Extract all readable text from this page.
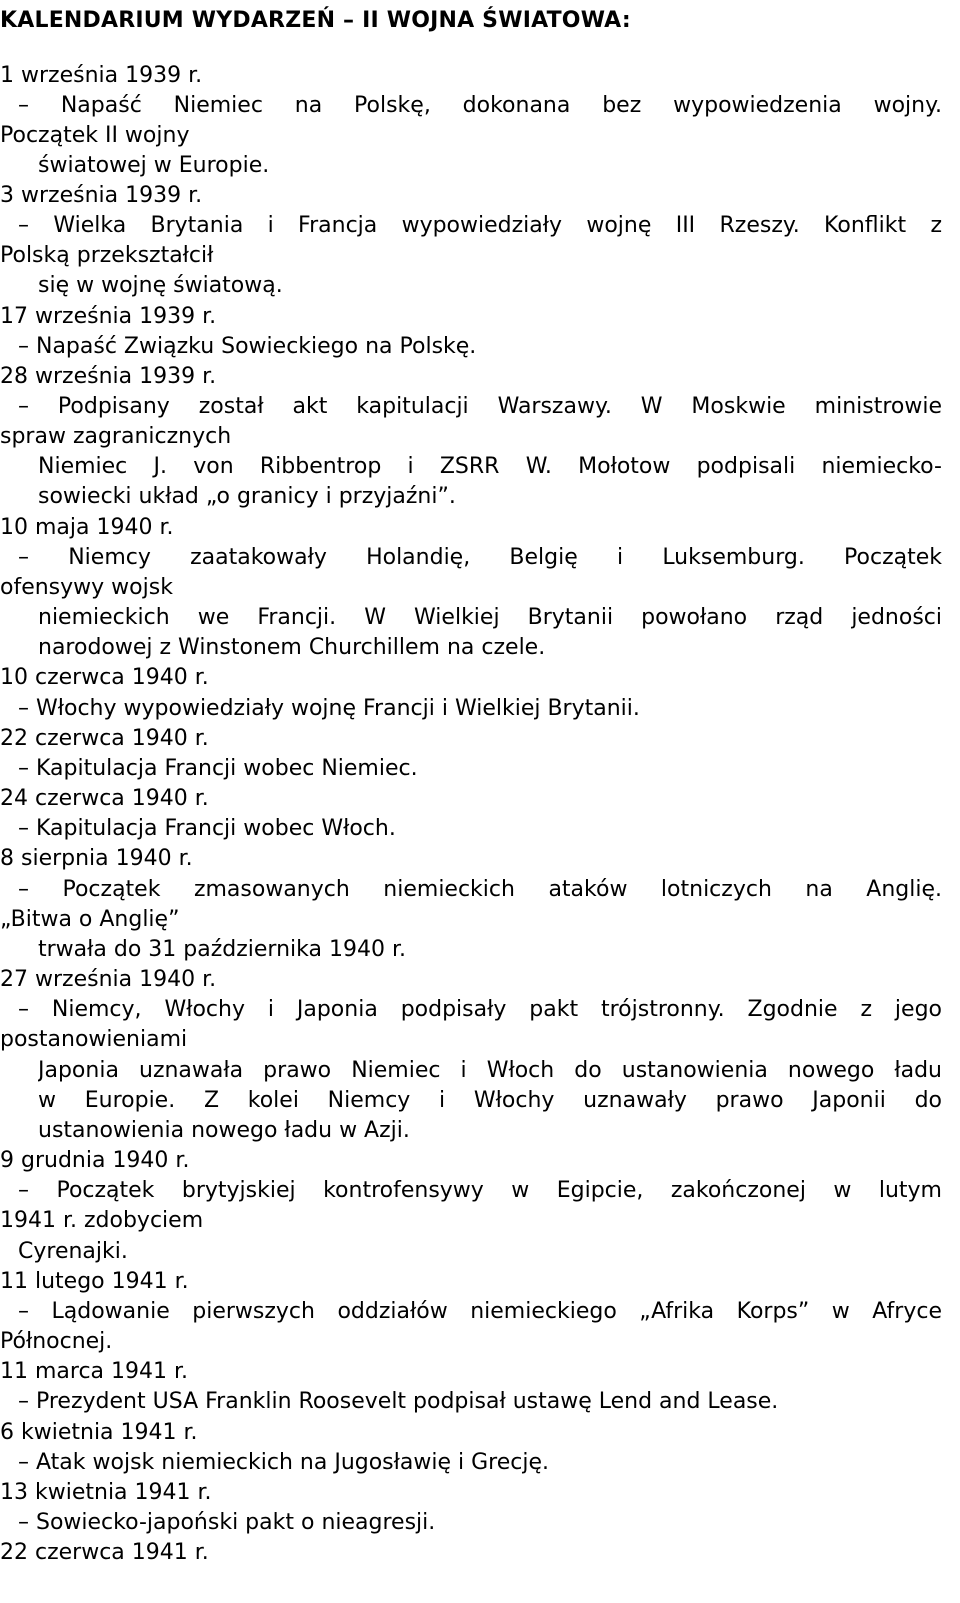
KALENDARIUM WYDARZEŃ – II WOJNA ŚWIATOWA:
1 września 1939 r.
– Napaść Niemiec na Polskę, dokonana bez wypowiedzenia wojny.
Początek II wojny
światowej w Europie.
3 września 1939 r.
– Wielka Brytania i Francja wypowiedziały wojnę III Rzeszy. Konflikt z
Polską przekształcił
się w wojnę światową.
17 września 1939 r.
– Napaść Związku Sowieckiego na Polskę.
28 września 1939 r.
– Podpisany został akt kapitulacji Warszawy. W Moskwie ministrowie
spraw zagranicznych
Niemiec J. von Ribbentrop i ZSRR W. Mołotow podpisali niemiecko-
sowiecki układ „o granicy i przyjaźni”.
10 maja 1940 r.
– Niemcy zaatakowały Holandię, Belgię i Luksemburg. Początek
ofensywy wojsk
niemieckich we Francji. W Wielkiej Brytanii powołano rząd jedności
narodowej z Winstonem Churchillem na czele.
10 czerwca 1940 r.
– Włochy wypowiedziały wojnę Francji i Wielkiej Brytanii.
22 czerwca 1940 r.
– Kapitulacja Francji wobec Niemiec.
24 czerwca 1940 r.
– Kapitulacja Francji wobec Włoch.
8 sierpnia 1940 r.
– Początek zmasowanych niemieckich ataków lotniczych na Anglię.
„Bitwa o Anglię”
trwała do 31 października 1940 r.
27 września 1940 r.
– Niemcy, Włochy i Japonia podpisały pakt trójstronny. Zgodnie z jego
postanowieniami
Japonia uznawała prawo Niemiec i Włoch do ustanowienia nowego ładu
w Europie. Z kolei Niemcy i Włochy uznawały prawo Japonii do
ustanowienia nowego ładu w Azji.
9 grudnia 1940 r.
– Początek brytyjskiej kontrofensywy w Egipcie, zakończonej w lutym
1941 r. zdobyciem
Cyrenajki.
11 lutego 1941 r.
– Lądowanie pierwszych oddziałów niemieckiego „Afrika Korps” w Afryce
Północnej.
11 marca 1941 r.
– Prezydent USA Franklin Roosevelt podpisał ustawę Lend and Lease.
6 kwietnia 1941 r.
– Atak wojsk niemieckich na Jugosławię i Grecję.
13 kwietnia 1941 r.
– Sowiecko-japoński pakt o nieagresji.
22 czerwca 1941 r.
